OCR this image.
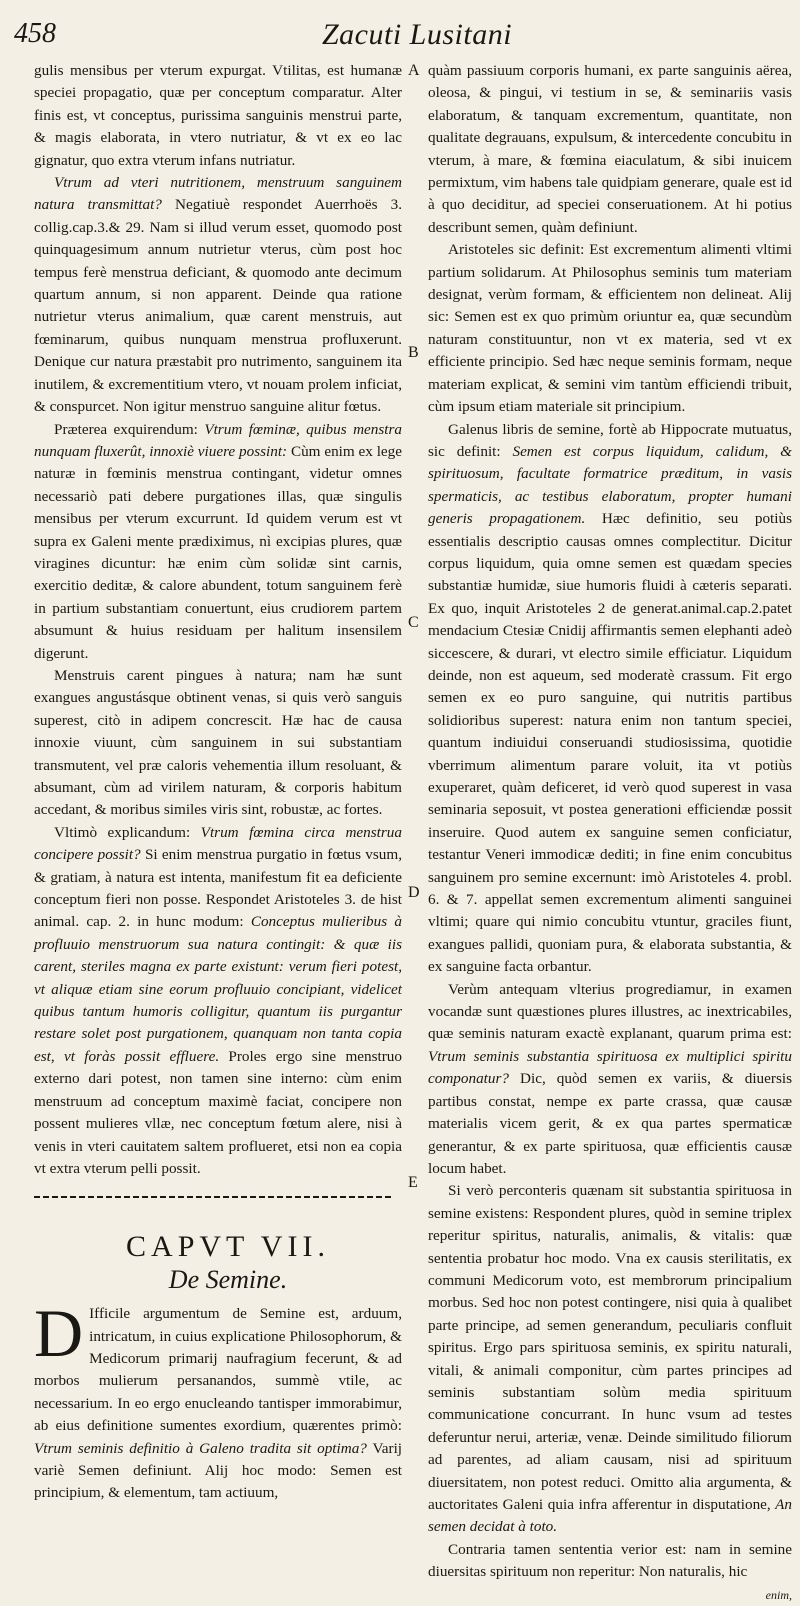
458	Zacuti Lusitani

gulis mensibus per vterum expurgat. Vtilitas, est humanæ speciei propagatio, quæ per conceptum comparatur. Alter finis est, vt conceptus, purissima sanguinis menstrui parte, & magis elaborata, in vtero nutriatur, & vt ex eo lac gignatur, quo extra vterum infans nutriatur.

Vtrum ad vteri nutritionem, menstruum sanguinem natura transmittat? Negatiuè respondet Auerrhoës 3. collig.cap.3.& 29. Nam si illud verum esset, quomodo post quinquagesimum annum nutrietur vterus, cùm post hoc tempus ferè menstrua deficiant, & quomodo ante decimum quartum annum, si non apparent. Deinde qua ratione nutrietur vterus animalium, quæ carent menstruis, aut fœminarum, quibus nunquam menstrua profluxerunt. Denique cur natura præstabit pro nutrimento, sanguinem ita inutilem, & excrementitium vtero, vt nouam prolem inficiat, & conspurcet. Non igitur menstruo sanguine alitur fœtus.

Præterea exquirendum: Vtrum fœminæ, quibus menstra nunquam fluxerût, innoxiè viuere possint: Cùm enim ex lege naturæ in fœminis menstrua contingant, videtur omnes necessariò pati debere purgationes illas, quæ singulis mensibus per vterum excurrunt. Id quidem verum est vt supra ex Galeni mente prædiximus, nì excipias plures, quæ viragines dicuntur: hæ enim cùm solidæ sint carnis, exercitio deditæ, & calore abundent, totum sanguinem ferè in partium substantiam conuertunt, eius crudiorem partem absumunt & huius residuam per halitum insensilem digerunt.

Menstruis carent pingues à natura; nam hæ sunt exangues angustásque obtinent venas, si quis verò sanguis superest, citò in adipem concrescit. Hæ hac de causa innoxie viuunt, cùm sanguinem in sui substantiam transmutent, vel præ caloris vehementia illum resoluant, & absumant, cùm ad virilem naturam, & corporis habitum accedant, & moribus similes viris sint, robustæ, ac fortes.

Vltimò explicandum: Vtrum fœmina circa menstrua concipere possit? Si enim menstrua purgatio in fœtus vsum, & gratiam, à natura est intenta, manifestum fit ea deficiente conceptum fieri non posse. Respondet Aristoteles 3. de hist animal. cap. 2. in hunc modum: Conceptus mulieribus à profluuio menstruorum sua natura contingit: & quæ iis carent, steriles magna ex parte existunt: verum fieri potest, vt aliquæ etiam sine eorum profluuio concipiant, videlicet quibus tantum humoris colligitur, quantum iis purgantur restare solet post purgationem, quanquam non tanta copia est, vt foràs possit effluere. Proles ergo sine menstruo externo dari potest, non tamen sine interno: cùm enim menstruum ad conceptum maximè faciat, concipere non possent mulieres vllæ, nec conceptum fœtum alere, nisi à venis in vteri cauitatem saltem proflueret, etsi non ea copia vt extra vterum pelli possit.

CAPVT VII.

De Semine.

D Ifficile argumentum de Semine est, arduum, intricatum, in cuius explicatione Philosophorum, & Medicorum primarij naufragium fecerunt, & ad morbos mulierum persanandos, summè vtile, ac necessarium. In eo ergo enucleando tantisper immorabimur, ab eius definitione sumentes exordium, quærentes primò: Vtrum seminis definitio à Galeno tradita sit optima? Varij variè Semen definiunt. Alij hoc modo: Semen est principium, & elementum, tam actiuum,

A
B
C
D
E

quàm passiuum corporis humani, ex parte sanguinis aërea, oleosa, & pingui, vi testium in se, & seminariis vasis elaboratum, & tanquam excrementum, quantitate, non qualitate degrauans, expulsum, & intercedente concubitu in vterum, à mare, & fœmina eiaculatum, & sibi inuicem permixtum, vim habens tale quidpiam generare, quale est id à quo deciditur, ad speciei conseruationem. At hi potius describunt semen, quàm definiunt.

Aristoteles sic definit: Est excrementum alimenti vltimi partium solidarum. At Philosophus seminis tum materiam designat, verùm formam, & efficientem non delineat. Alij sic: Semen est ex quo primùm oriuntur ea, quæ secundùm naturam constituuntur, non vt ex materia, sed vt ex efficiente principio. Sed hæc neque seminis formam, neque materiam explicat, & semini vim tantùm efficiendi tribuit, cùm ipsum etiam materiale sit principium.

Galenus libris de semine, fortè ab Hippocrate mutuatus, sic definit: Semen est corpus liquidum, calidum, & spirituosum, facultate formatrice præditum, in vasis spermaticis, ac testibus elaboratum, propter humani generis propagationem. Hæc definitio, seu potiùs essentialis descriptio causas omnes complectitur. Dicitur corpus liquidum, quia omne semen est quædam species substantiæ humidæ, siue humoris fluidi à cæteris separati. Ex quo, inquit Aristoteles 2 de generat.animal.cap.2.patet mendacium Ctesiæ Cnidij affirmantis semen elephanti adeò siccescere, & durari, vt electro simile efficiatur. Liquidum deinde, non est aqueum, sed moderatè crassum. Fit ergo semen ex eo puro sanguine, qui nutritis partibus solidioribus superest: natura enim non tantum speciei, quantum indiuidui conseruandi studiosissima, quotidie vberrimum alimentum parare voluit, ita vt potiùs exuperaret, quàm deficeret, id verò quod superest in vasa seminaria seposuit, vt postea generationi efficiendæ possit inseruire. Quod autem ex sanguine semen conficiatur, testantur Veneri immodicæ dediti; in fine enim concubitus sanguinem pro semine excernunt: imò Aristoteles 4. probl. 6. & 7. appellat semen excrementum alimenti sanguinei vltimi; quare qui nimio concubitu vtuntur, graciles fiunt, exangues pallidi, quoniam pura, & elaborata substantia, & ex sanguine facta orbantur.

Verùm antequam vlterius progrediamur, in examen vocandæ sunt quæstiones plures illustres, ac inextricabiles, quæ seminis naturam exactè explanant, quarum prima est: Vtrum seminis substantia spirituosa ex multiplici spiritu componatur? Dic, quòd semen ex variis, & diuersis partibus constat, nempe ex parte crassa, quæ causæ materialis vicem gerit, & ex qua partes spermaticæ generantur, & ex parte spirituosa, quæ efficientis causæ locum habet.

Si verò perconteris quænam sit substantia spirituosa in semine existens: Respondent plures, quòd in semine triplex reperitur spiritus, naturalis, animalis, & vitalis: quæ sententia probatur hoc modo. Vna ex causis sterilitatis, ex communi Medicorum voto, est membrorum principalium morbus. Sed hoc non potest contingere, nisi quia à qualibet parte principe, ad semen generandum, peculiaris confluit spiritus. Ergo pars spirituosa seminis, ex spiritu naturali, vitali, & animali componitur, cùm partes principes ad seminis substantiam solùm media spirituum communicatione concurrant. In hunc vsum ad testes deferuntur nerui, arteriæ, venæ. Deinde similitudo filiorum ad parentes, ad aliam causam, nisi ad spirituum diuersitatem, non potest reduci. Omitto alia argumenta, & auctoritates Galeni quia infra afferentur in disputatione, An semen decidat à toto.

Contraria tamen sententia verior est: nam in semine diuersitas spirituum non reperitur: Non naturalis, hic

enim,
